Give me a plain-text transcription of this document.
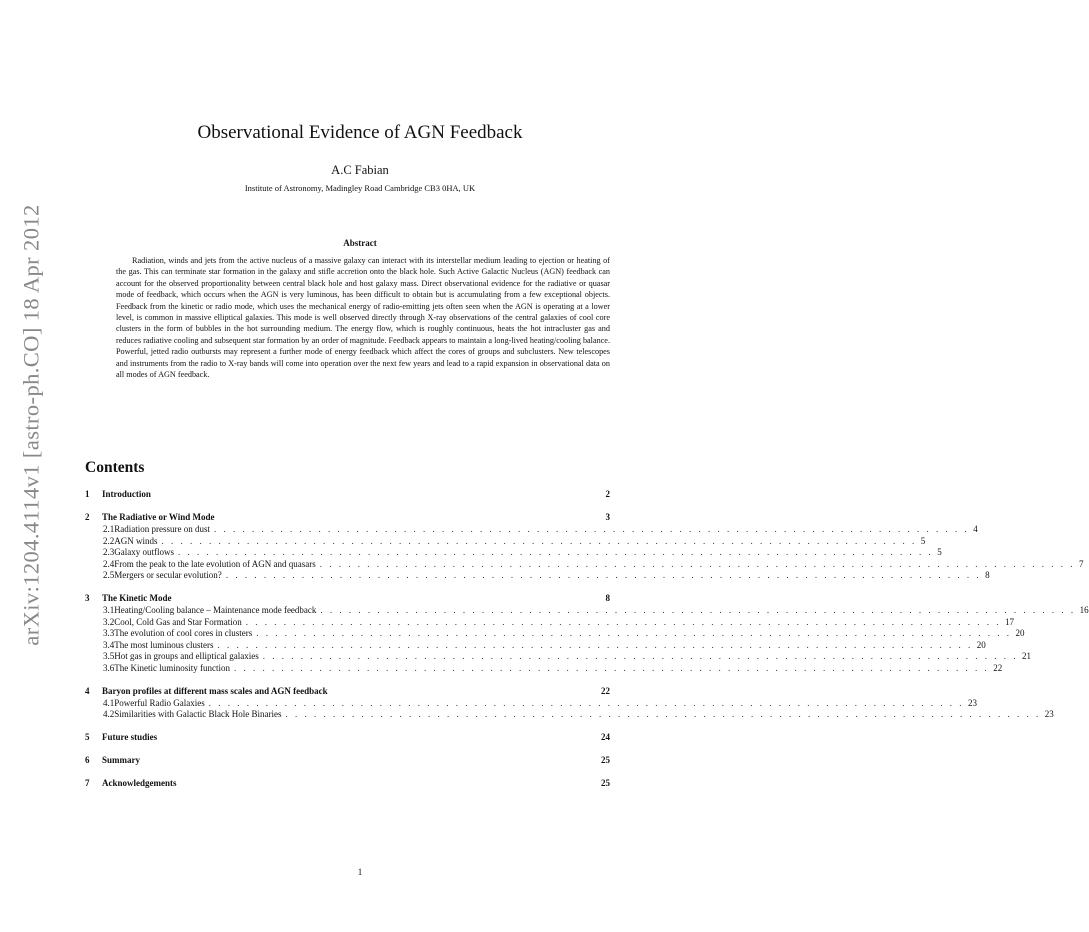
arXiv:1204.4114v1 [astro-ph.CO] 18 Apr 2012
Observational Evidence of AGN Feedback
A.C Fabian
Institute of Astronomy, Madingley Road Cambridge CB3 0HA, UK
Abstract

Radiation, winds and jets from the active nucleus of a massive galaxy can interact with its interstellar medium leading to ejection or heating of the gas. This can terminate star formation in the galaxy and stifle accretion onto the black hole. Such Active Galactic Nucleus (AGN) feedback can account for the observed proportionality between central black hole and host galaxy mass. Direct observational evidence for the radiative or quasar mode of feedback, which occurs when the AGN is very luminous, has been difficult to obtain but is accumulating from a few exceptional objects. Feedback from the kinetic or radio mode, which uses the mechanical energy of radio-emitting jets often seen when the AGN is operating at a lower level, is common in massive elliptical galaxies. This mode is well observed directly through X-ray observations of the central galaxies of cool core clusters in the form of bubbles in the hot surrounding medium. The energy flow, which is roughly continuous, heats the hot intracluster gas and reduces radiative cooling and subsequent star formation by an order of magnitude. Feedback appears to maintain a long-lived heating/cooling balance. Powerful, jetted radio outbursts may represent a further mode of energy feedback which affect the cores of groups and subclusters. New telescopes and instruments from the radio to X-ray bands will come into operation over the next few years and lead to a rapid expansion in observational data on all modes of AGN feedback.

Contents
1	Introduction	2
2	The Radiative or Wind Mode	3
2.1 Radiation pressure on dust . . . . . . . . . . . . . . . . . . . . . . . . . . . . . . . . . . . . . . . . . . . . . . . . . . . . . . . . . . . . . . . . . . . . . . . . . . . . . . . . 4
2.2 AGN winds . . . . . . . . . . . . . . . . . . . . . . . . . . . . . . . . . . . . . . . . . . . . . . . . . . . . . . . . . . . . . . . . . . . . . . . . . . . . . . . . 5
2.3 Galaxy outflows . . . . . . . . . . . . . . . . . . . . . . . . . . . . . . . . . . . . . . . . . . . . . . . . . . . . . . . . . . . . . . . . . . . . . . . . . . . . . . . . 5
2.4 From the peak to the late evolution of AGN and quasars . . . . . . . . . . . . . . . . . . . . . . . . . . . . . . . . . . . . . . . . . . . . . . . . . . . . . . . . . . . . . . . . . . . . . . . . . . . . . . . . 7
2.5 Mergers or secular evolution? . . . . . . . . . . . . . . . . . . . . . . . . . . . . . . . . . . . . . . . . . . . . . . . . . . . . . . . . . . . . . . . . . . . . . . . . . . . . . . . . 8
3	The Kinetic Mode	8
3.1 Heating/Cooling balance – Maintenance mode feedback . . . . . . . . . . . . . . . . . . . . . . . . . . . . . . . . . . . . . . . . . . . . . . . . . . . . . . . . . . . . . . . . . . . . . . . . . . . . . . . . 16
3.2 Cool, Cold Gas and Star Formation . . . . . . . . . . . . . . . . . . . . . . . . . . . . . . . . . . . . . . . . . . . . . . . . . . . . . . . . . . . . . . . . . . . . . . . . . . . . . . . . 17
3.3 The evolution of cool cores in clusters . . . . . . . . . . . . . . . . . . . . . . . . . . . . . . . . . . . . . . . . . . . . . . . . . . . . . . . . . . . . . . . . . . . . . . . . . . . . . . . . 20
3.4 The most luminous clusters . . . . . . . . . . . . . . . . . . . . . . . . . . . . . . . . . . . . . . . . . . . . . . . . . . . . . . . . . . . . . . . . . . . . . . . . . . . . . . . . 20
3.5 Hot gas in groups and elliptical galaxies . . . . . . . . . . . . . . . . . . . . . . . . . . . . . . . . . . . . . . . . . . . . . . . . . . . . . . . . . . . . . . . . . . . . . . . . . . . . . . . . 21
3.6 The Kinetic luminosity function . . . . . . . . . . . . . . . . . . . . . . . . . . . . . . . . . . . . . . . . . . . . . . . . . . . . . . . . . . . . . . . . . . . . . . . . . . . . . . . . 22
4	Baryon profiles at different mass scales and AGN feedback	22
4.1 Powerful Radio Galaxies . . . . . . . . . . . . . . . . . . . . . . . . . . . . . . . . . . . . . . . . . . . . . . . . . . . . . . . . . . . . . . . . . . . . . . . . . . . . . . . . 23
4.2 Similarities with Galactic Black Hole Binaries . . . . . . . . . . . . . . . . . . . . . . . . . . . . . . . . . . . . . . . . . . . . . . . . . . . . . . . . . . . . . . . . . . . . . . . . . . . . . . . . 23
5	Future studies	24
6	Summary	25
7	Acknowledgements	25
1
